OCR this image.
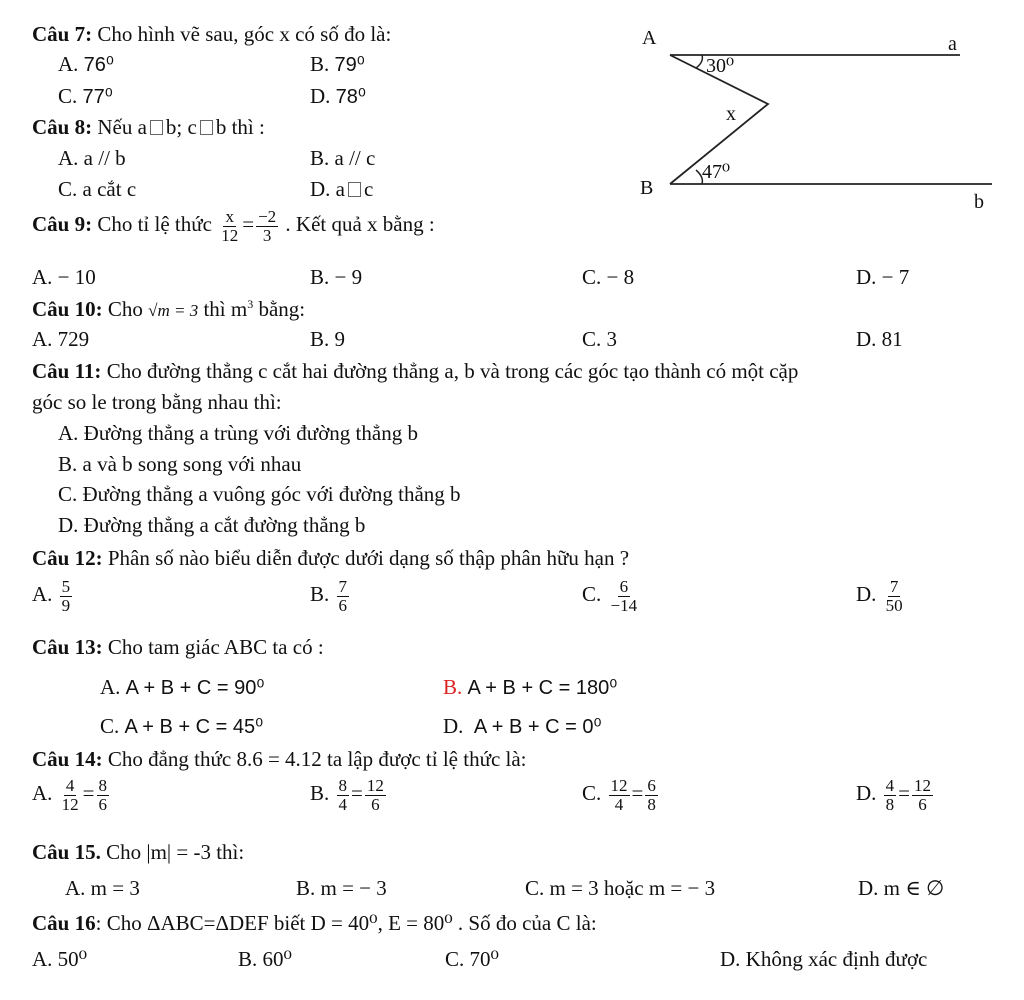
Câu 7: Cho hình vẽ sau, góc x có số đo là:
A. 76⁰	B. 79⁰
C. 77⁰	D. 78⁰
A	a
30⁰
x
47⁰
B
b
Câu 8: Nếu a b; c b thì :
A. a // b	B. a // c
C. a cắt c	D. a c
Câu 9: Cho tỉ lệ thức $\frac{x}{12} = \frac{-2}{3}$ . Kết quả x bằng :
A. − 10	B. − 9	C. − 8	D. − 7
Câu 10: Cho √m = 3 thì $m^3$ bằng:
A. 729	B. 9	C. 3	D. 81
Câu 11: Cho đường thẳng c cắt hai đường thẳng a, b và trong các góc tạo thành có một cặp
góc so le trong bằng nhau thì:
A. Đường thẳng a trùng với đường thẳng b
B. a và b song song với nhau
C. Đường thẳng a vuông góc với đường thẳng b
D. Đường thẳng a cắt đường thẳng b
Câu 12: Phân số nào biểu diễn được dưới dạng số thập phân hữu hạn ?
A. $\frac{5}{9}$	B. $\frac{7}{6}$	C. $\frac{6}{-14}$	D. $\frac{7}{50}$
Câu 13: Cho tam giác ABC ta có :
A. A + B + C = 90⁰	B. A + B + C = 180⁰
C. A + B + C = 45⁰	D. A + B + C = 0⁰
Câu 14: Cho đẳng thức 8.6 = 4.12 ta lập được tỉ lệ thức là:
A. $\frac{4}{12} = \frac{8}{6}$	B. $\frac{8}{4} = \frac{12}{6}$	C. $\frac{12}{4} = \frac{6}{8}$	D. $\frac{4}{8} = \frac{12}{6}$
Câu 15. Cho |m| = -3 thì:
A. m = 3	B. m = − 3	C. m = 3 hoặc m = − 3	D. m ∈ ∅
Câu 16: Cho ΔABC=ΔDEF biết D = 40⁰, E = 80⁰ . Số đo của C là:
A. 50⁰	B. 60⁰	C. 70⁰	D. Không xác định được
